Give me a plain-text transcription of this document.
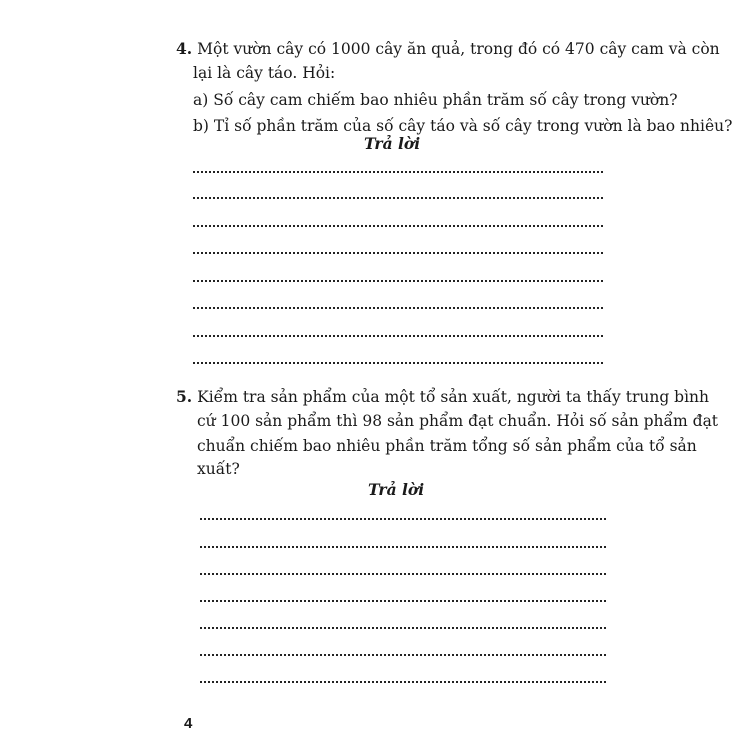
4. Một vườn cây có 1000 cây ăn quả, trong đó có 470 cây cam và còn
lại là cây táo. Hỏi:
a) Số cây cam chiếm bao nhiêu phần trăm số cây trong vườn?
b) Tỉ số phần trăm của số cây táo và số cây trong vườn là bao nhiêu?
Trả lời
5. Kiểm tra sản phẩm của một tổ sản xuất, người ta thấy trung bình
cứ 100 sản phẩm thì 98 sản phẩm đạt chuẩn. Hỏi số sản phẩm đạt
chuẩn chiếm bao nhiêu phần trăm tổng số sản phẩm của tổ sản
xuất?
Trả lời
4
